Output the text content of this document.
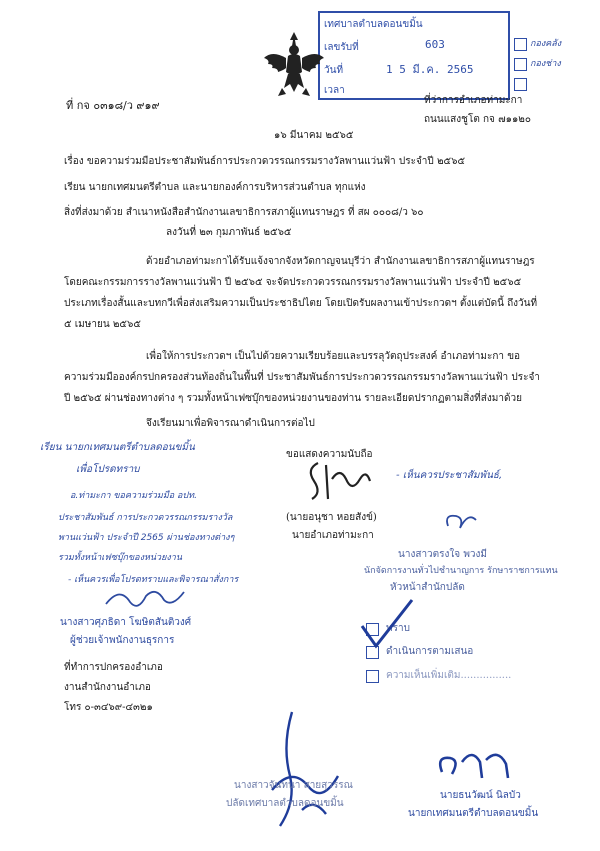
เทศบาลตำบลดอนขมิ้น
เลขรับที่	603
วันที่	1 5 มี.ค. 2565
เวลา
กองคลัง
กองช่าง
ที่ กจ ๐๓๑๘/ว ๙๑๙	ที่ว่าการอำเภอท่ามะกา
ถนนแสงชูโต กจ ๗๑๑๒๐
๑๖ มีนาคม ๒๕๖๕
เรื่อง ขอความร่วมมือประชาสัมพันธ์การประกวดวรรณกรรมรางวัลพานแว่นฟ้า ประจำปี ๒๕๖๕
เรียน นายกเทศมนตรีตำบล และนายกองค์การบริหารส่วนตำบล ทุกแห่ง
สิ่งที่ส่งมาด้วย สำเนาหนังสือสำนักงานเลขาธิการสภาผู้แทนราษฎร ที่ สผ ๐๐๐๘/ว ๖๐
ลงวันที่ ๒๓ กุมภาพันธ์ ๒๕๖๕

ด้วยอำเภอท่ามะกาได้รับแจ้งจากจังหวัดกาญจนบุรีว่า สำนักงานเลขาธิการสภาผู้แทนราษฎร โดยคณะกรรมการรางวัลพานแว่นฟ้า ปี ๒๕๖๕ จะจัดประกวดวรรณกรรมรางวัลพานแว่นฟ้า ประจำปี ๒๕๖๕ ประเภทเรื่องสั้นและบทกวีเพื่อส่งเสริมความเป็นประชาธิปไตย โดยเปิดรับผลงานเข้าประกวดฯ ตั้งแต่บัดนี้ ถึงวันที่ ๕ เมษายน ๒๕๖๕

เพื่อให้การประกวดฯ เป็นไปด้วยความเรียบร้อยและบรรลุวัตถุประสงค์ อำเภอท่ามะกา ขอความร่วมมือองค์กรปกครองส่วนท้องถิ่นในพื้นที่ ประชาสัมพันธ์การประกวดวรรณกรรมรางวัลพานแว่นฟ้า ประจำปี ๒๕๖๕ ผ่านช่องทางต่าง ๆ รวมทั้งหน้าเฟซบุ๊กของหน่วยงานของท่าน รายละเอียดปรากฏตามสิ่งที่ส่งมาด้วย

จึงเรียนมาเพื่อพิจารณาดำเนินการต่อไป
ขอแสดงความนับถือ
(นายอนุชา หอยสังข์)
นายอำเภอท่ามะกา
เรียน นายกเทศมนตรีตำบลดอนขมิ้น
เพื่อโปรดทราบ
อ.ท่ามะกา ขอความร่วมมือ อปท.
ประชาสัมพันธ์ การประกวดวรรณกรรมรางวัล
พานแว่นฟ้า ประจำปี 2565 ผ่านช่องทางต่างๆ
รวมทั้งหน้าเฟซบุ๊กของหน่วยงาน
- เห็นควรเพื่อโปรดทราบและพิจารณาสั่งการ
- เห็นควรประชาสัมพันธ์,
นางสาวศุภธิดา โฆษิตสันติวงศ์
ผู้ช่วยเจ้าพนักงานธุรการ
ที่ทำการปกครองอำเภอ
งานสำนักงานอำเภอ
โทร ๐-๓๔๖๙-๔๓๒๑
นางสาวตรงใจ พวงมี
นักจัดการงานทั่วไปชำนาญการ รักษาราชการแทน
หัวหน้าสำนักปลัด
ทราบ
ดำเนินการตามเสนอ
ความเห็นเพิ่มเติม................
นางสาวจันทนา สายสุวรรณ
ปลัดเทศบาลตำบลดอนขมิ้น
นายธนวัฒน์ นิลบัว
นายกเทศมนตรีตำบลดอนขมิ้น
